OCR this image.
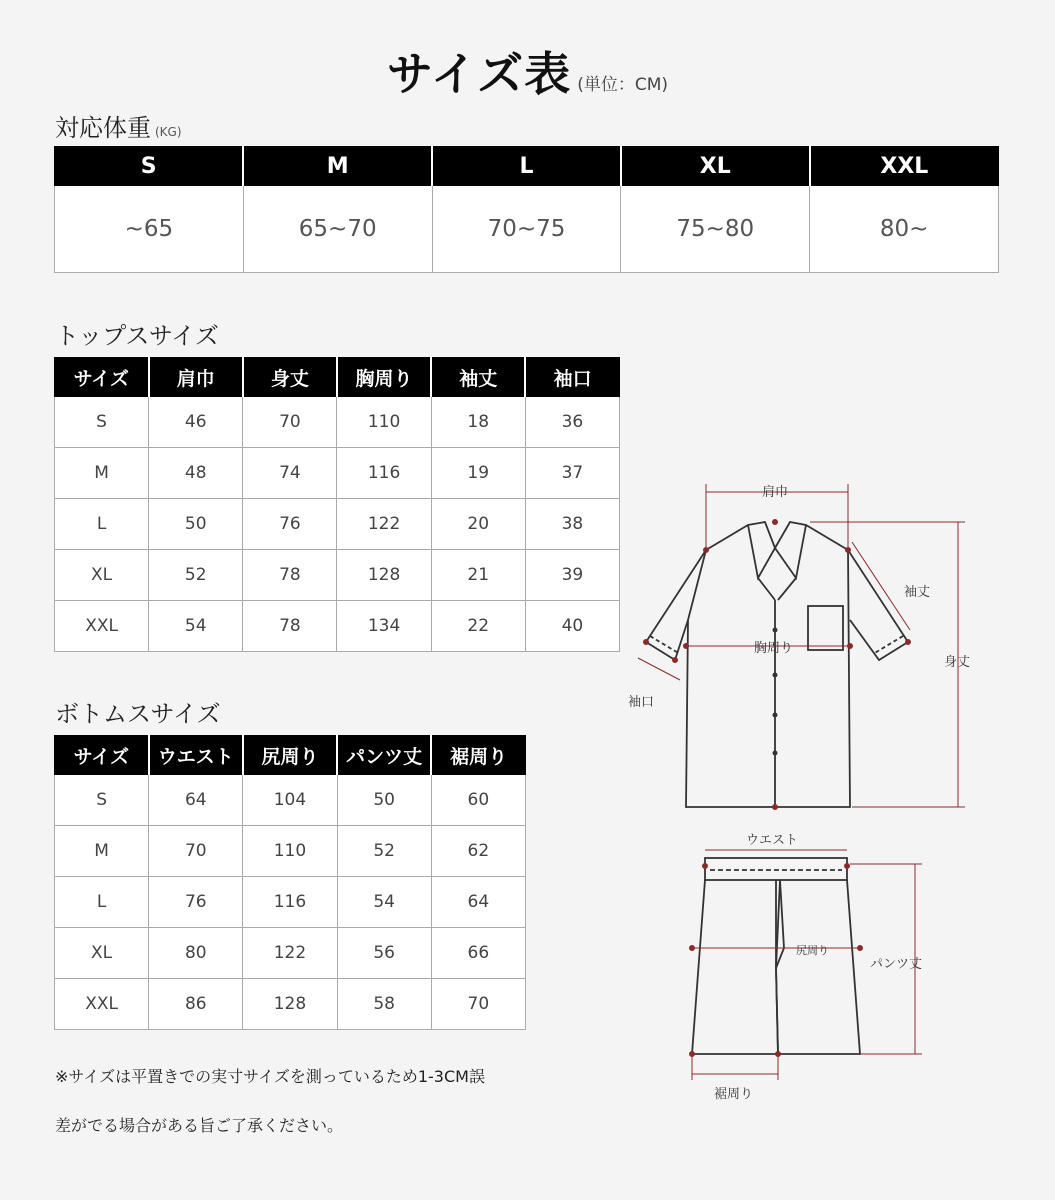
サイズ表 (単位：CM)
対応体重 (KG)
S	M	L	XL	XXL
~65	65~70	70~75	75~80	80~
トップスサイズ
サイズ	肩巾	身丈	胸周り	袖丈	袖口
S	46	70	110	18	36
M	48	74	116	19	37
L	50	76	122	20	38
XL	52	78	128	21	39
XXL	54	78	134	22	40
ボトムスサイズ
サイズ	ウエスト	尻周り	パンツ丈	裾周り
S	64	104	50	60
M	70	110	52	62
L	76	116	54	64
XL	80	122	56	66
XXL	86	128	58	70
※サイズは平置きでの実寸サイズを測っているため1-3CM誤
差がでる場合がある旨ご了承ください。
肩巾
袖丈
胸周り
身丈
袖口
ウエスト
尻周り
パンツ丈
裾周り
